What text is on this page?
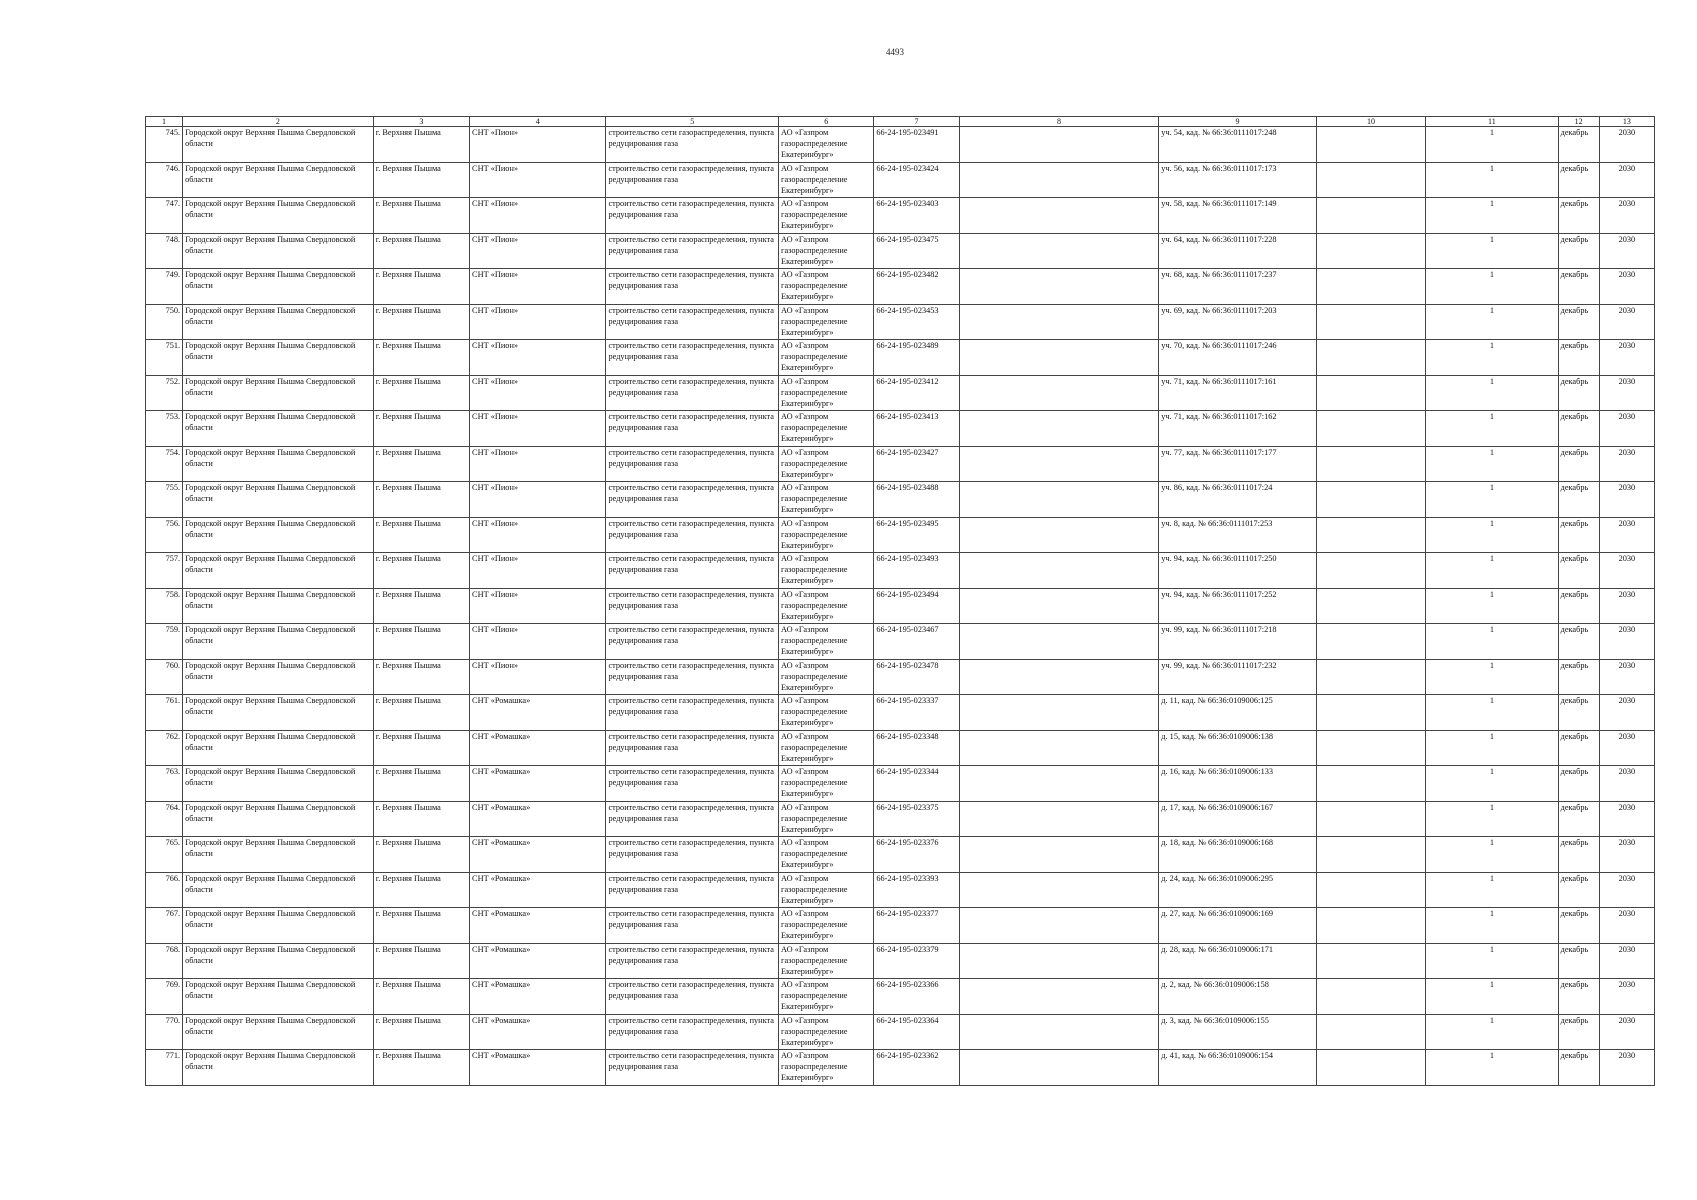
4493
1	2	3	4	5	6	7	8	9	10	11	12	13
745.	Городской округ Верхняя Пышма Свердловской области	г. Верхняя Пышма	СНТ «Пион»	строительство сети газораспределения, пункта редуцирования газа	АО «Газпром газораспределение Екатеринбург»	66-24-195-023491		уч. 54, кад. № 66:36:0111017:248		1	декабрь	2030
746.	Городской округ Верхняя Пышма Свердловской области	г. Верхняя Пышма	СНТ «Пион»	строительство сети газораспределения, пункта редуцирования газа	АО «Газпром газораспределение Екатеринбург»	66-24-195-023424		уч. 56, кад. № 66:36:0111017:173		1	декабрь	2030
747.	Городской округ Верхняя Пышма Свердловской области	г. Верхняя Пышма	СНТ «Пион»	строительство сети газораспределения, пункта редуцирования газа	АО «Газпром газораспределение Екатеринбург»	66-24-195-023403		уч. 58, кад. № 66:36:0111017:149		1	декабрь	2030
748.	Городской округ Верхняя Пышма Свердловской области	г. Верхняя Пышма	СНТ «Пион»	строительство сети газораспределения, пункта редуцирования газа	АО «Газпром газораспределение Екатеринбург»	66-24-195-023475		уч. 64, кад. № 66:36:0111017:228		1	декабрь	2030
749.	Городской округ Верхняя Пышма Свердловской области	г. Верхняя Пышма	СНТ «Пион»	строительство сети газораспределения, пункта редуцирования газа	АО «Газпром газораспределение Екатеринбург»	66-24-195-023482		уч. 68, кад. № 66:36:0111017:237		1	декабрь	2030
750.	Городской округ Верхняя Пышма Свердловской области	г. Верхняя Пышма	СНТ «Пион»	строительство сети газораспределения, пункта редуцирования газа	АО «Газпром газораспределение Екатеринбург»	66-24-195-023453		уч. 69, кад. № 66:36:0111017:203		1	декабрь	2030
751.	Городской округ Верхняя Пышма Свердловской области	г. Верхняя Пышма	СНТ «Пион»	строительство сети газораспределения, пункта редуцирования газа	АО «Газпром газораспределение Екатеринбург»	66-24-195-023489		уч. 70, кад. № 66:36:0111017:246		1	декабрь	2030
752.	Городской округ Верхняя Пышма Свердловской области	г. Верхняя Пышма	СНТ «Пион»	строительство сети газораспределения, пункта редуцирования газа	АО «Газпром газораспределение Екатеринбург»	66-24-195-023412		уч. 71, кад. № 66:36:0111017:161		1	декабрь	2030
753.	Городской округ Верхняя Пышма Свердловской области	г. Верхняя Пышма	СНТ «Пион»	строительство сети газораспределения, пункта редуцирования газа	АО «Газпром газораспределение Екатеринбург»	66-24-195-023413		уч. 71, кад. № 66:36:0111017:162		1	декабрь	2030
754.	Городской округ Верхняя Пышма Свердловской области	г. Верхняя Пышма	СНТ «Пион»	строительство сети газораспределения, пункта редуцирования газа	АО «Газпром газораспределение Екатеринбург»	66-24-195-023427		уч. 77, кад. № 66:36:0111017:177		1	декабрь	2030
755.	Городской округ Верхняя Пышма Свердловской области	г. Верхняя Пышма	СНТ «Пион»	строительство сети газораспределения, пункта редуцирования газа	АО «Газпром газораспределение Екатеринбург»	66-24-195-023488		уч. 86, кад. № 66:36:0111017:24		1	декабрь	2030
756.	Городской округ Верхняя Пышма Свердловской области	г. Верхняя Пышма	СНТ «Пион»	строительство сети газораспределения, пункта редуцирования газа	АО «Газпром газораспределение Екатеринбург»	66-24-195-023495		уч. 8, кад. № 66:36:0111017:253		1	декабрь	2030
757.	Городской округ Верхняя Пышма Свердловской области	г. Верхняя Пышма	СНТ «Пион»	строительство сети газораспределения, пункта редуцирования газа	АО «Газпром газораспределение Екатеринбург»	66-24-195-023493		уч. 94, кад. № 66:36:0111017:250		1	декабрь	2030
758.	Городской округ Верхняя Пышма Свердловской области	г. Верхняя Пышма	СНТ «Пион»	строительство сети газораспределения, пункта редуцирования газа	АО «Газпром газораспределение Екатеринбург»	66-24-195-023494		уч. 94, кад. № 66:36:0111017:252		1	декабрь	2030
759.	Городской округ Верхняя Пышма Свердловской области	г. Верхняя Пышма	СНТ «Пион»	строительство сети газораспределения, пункта редуцирования газа	АО «Газпром газораспределение Екатеринбург»	66-24-195-023467		уч. 99, кад. № 66:36:0111017:218		1	декабрь	2030
760.	Городской округ Верхняя Пышма Свердловской области	г. Верхняя Пышма	СНТ «Пион»	строительство сети газораспределения, пункта редуцирования газа	АО «Газпром газораспределение Екатеринбург»	66-24-195-023478		уч. 99, кад. № 66:36:0111017:232		1	декабрь	2030
761.	Городской округ Верхняя Пышма Свердловской области	г. Верхняя Пышма	СНТ «Ромашка»	строительство сети газораспределения, пункта редуцирования газа	АО «Газпром газораспределение Екатеринбург»	66-24-195-023337		д. 11, кад. № 66:36:0109006:125		1	декабрь	2030
762.	Городской округ Верхняя Пышма Свердловской области	г. Верхняя Пышма	СНТ «Ромашка»	строительство сети газораспределения, пункта редуцирования газа	АО «Газпром газораспределение Екатеринбург»	66-24-195-023348		д. 15, кад. № 66:36:0109006:138		1	декабрь	2030
763.	Городской округ Верхняя Пышма Свердловской области	г. Верхняя Пышма	СНТ «Ромашка»	строительство сети газораспределения, пункта редуцирования газа	АО «Газпром газораспределение Екатеринбург»	66-24-195-023344		д. 16, кад. № 66:36:0109006:133		1	декабрь	2030
764.	Городской округ Верхняя Пышма Свердловской области	г. Верхняя Пышма	СНТ «Ромашка»	строительство сети газораспределения, пункта редуцирования газа	АО «Газпром газораспределение Екатеринбург»	66-24-195-023375		д. 17, кад. № 66:36:0109006:167		1	декабрь	2030
765.	Городской округ Верхняя Пышма Свердловской области	г. Верхняя Пышма	СНТ «Ромашка»	строительство сети газораспределения, пункта редуцирования газа	АО «Газпром газораспределение Екатеринбург»	66-24-195-023376		д. 18, кад. № 66:36:0109006:168		1	декабрь	2030
766.	Городской округ Верхняя Пышма Свердловской области	г. Верхняя Пышма	СНТ «Ромашка»	строительство сети газораспределения, пункта редуцирования газа	АО «Газпром газораспределение Екатеринбург»	66-24-195-023393		д. 24, кад. № 66:36:0109006:295		1	декабрь	2030
767.	Городской округ Верхняя Пышма Свердловской области	г. Верхняя Пышма	СНТ «Ромашка»	строительство сети газораспределения, пункта редуцирования газа	АО «Газпром газораспределение Екатеринбург»	66-24-195-023377		д. 27, кад. № 66:36:0109006:169		1	декабрь	2030
768.	Городской округ Верхняя Пышма Свердловской области	г. Верхняя Пышма	СНТ «Ромашка»	строительство сети газораспределения, пункта редуцирования газа	АО «Газпром газораспределение Екатеринбург»	66-24-195-023379		д. 28, кад. № 66:36:0109006:171		1	декабрь	2030
769.	Городской округ Верхняя Пышма Свердловской области	г. Верхняя Пышма	СНТ «Ромашка»	строительство сети газораспределения, пункта редуцирования газа	АО «Газпром газораспределение Екатеринбург»	66-24-195-023366		д. 2, кад. № 66:36:0109006:158		1	декабрь	2030
770.	Городской округ Верхняя Пышма Свердловской области	г. Верхняя Пышма	СНТ «Ромашка»	строительство сети газораспределения, пункта редуцирования газа	АО «Газпром газораспределение Екатеринбург»	66-24-195-023364		д. 3, кад. № 66:36:0109006:155		1	декабрь	2030
771.	Городской округ Верхняя Пышма Свердловской области	г. Верхняя Пышма	СНТ «Ромашка»	строительство сети газораспределения, пункта редуцирования газа	АО «Газпром газораспределение Екатеринбург»	66-24-195-023362		д. 41, кад. № 66:36:0109006:154		1	декабрь	2030
